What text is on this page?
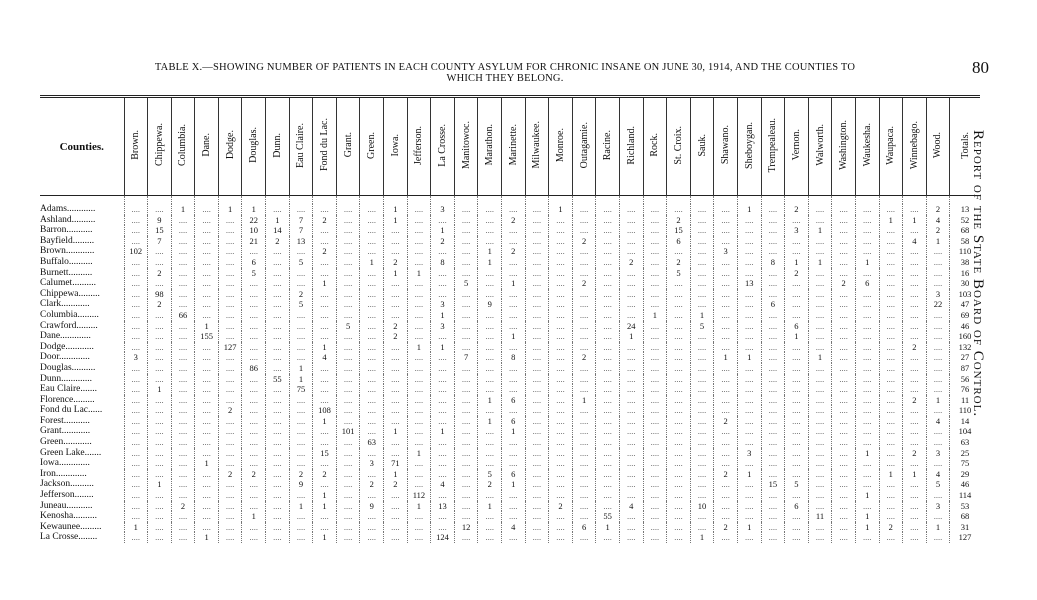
TABLE X.—SHOWING NUMBER OF PATIENTS IN EACH COUNTY ASYLUM FOR CHRONIC INSANE ON JUNE 30, 1914, AND THE COUNTIES TO
WHICH THEY BELONG.
80
Report of the State Board of Control.
Counties.	Brown.	Chippewa.	Columbia.	Dane.	Dodge.	Douglas.	Dunn.	Eau Claire.	Fond du Lac.	Grant.	Green.	Iowa.	Jefferson.	La Crosse.	Manitowoc.	Marathon.	Marinette.	Milwaukee.	Monroe.	Outagamie.	Racine.	Richland.	Rock.	St. Croix.	Sauk.	Shawano.	Sheboygan.	Trempealeau.	Vernon.	Walworth.	Washington.	Waukesha.	Waupaca.	Winnebago.	Wood.	Totals.

Adams............	....	....	1	....	1	1	....	....	....	....	....	1	....	3	....	....	....	....	1	....	....	....	....	....	....	....	1	....	2	....	....	....	....	....	2	13
Ashland..........	....	9	....	....	....	22	1	7	2	....	....	1	....	....	....	....	2	....	....	....	....	....	....	2	....	....	....	....	....	....	....	....	1	1	4	52
Barron...........	....	15	....	....	....	10	14	7	....	....	....	....	....	1	....	....	....	....	....	....	....	....	....	15	....	....	....	....	3	1	....	....	....	....	2	68
Bayfield.........	....	7	....	....	....	21	2	13	....	....	....	....	....	2	....	....	....	....	....	2	....	....	....	6	....	....	....	....	....	....	....	....	....	4	1	58
Brown............	102	....	....	....	....	....	....	....	2	....	....	....	....	....	....	1	2	....	....	....	....	....	....	....	....	3	....	....	....	....	....	....	....	....	....	110
Buffalo..........	....	....	....	....	....	6	....	5	....	....	1	2	....	8	....	1	....	....	....	....	....	2	....	2	....	....	....	8	1	1	....	1	....	....	....	38
Burnett..........	....	2	....	....	....	5	....	....	....	....	....	1	1	....	....	....	....	....	....	....	....	....	....	5	....	....	....	....	2	....	....	....	....	....	....	16
Calumet..........	....	....	....	....	....	....	....	....	1	....	....	....	....	....	5	....	1	....	....	2	....	....	....	....	....	....	13	....	....	....	2	6	....	....	....	30
Chippewa.........	....	98	....	....	....	....	....	2	....	....	....	....	....	....	....	....	....	....	....	....	....	....	....	....	....	....	....	....	....	....	....	....	....	....	3	103
Clark............	....	2	....	....	....	....	....	5	....	....	....	....	....	3	....	9	....	....	....	....	....	....	....	....	....	....	....	6	....	....	....	....	....	....	22	47
Columbia.........	....	....	66	....	....	....	....	....	....	....	....	....	....	1	....	....	....	....	....	....	....	....	1	....	1	....	....	....	....	....	....	....	....	....	....	69
Crawford.........	....	....	....	1	....	....	....	....	....	5	....	2	....	3	....	....	....	....	....	....	....	24	....	....	5	....	....	....	6	....	....	....	....	....	....	46
Dane.............	....	....	....	155	....	....	....	....	....	....	....	2	....	....	....	....	1	....	....	....	....	1	....	....	....	....	....	....	1	....	....	....	....	....	....	160
Dodge............	....	....	....	....	127	....	....	....	1	....	....	....	1	1	....	....	....	....	....	....	....	....	....	....	....	....	....	....	....	....	....	....	....	2	....	132
Door.............	3	....	....	....	....	....	....	....	4	....	....	....	....	....	7	....	8	....	....	2	....	....	....	....	....	1	1	....	....	1	....	....	....	....	....	27
Douglas..........	....	....	....	....	....	86	....	1	....	....	....	....	....	....	....	....	....	....	....	....	....	....	....	....	....	....	....	....	....	....	....	....	....	....	....	87
Dunn.............	....	....	....	....	....	....	55	1	....	....	....	....	....	....	....	....	....	....	....	....	....	....	....	....	....	....	....	....	....	....	....	....	....	....	....	56
Eau Claire.......	....	1	....	....	....	....	....	75	....	....	....	....	....	....	....	....	....	....	....	....	....	....	....	....	....	....	....	....	....	....	....	....	....	....	....	76
Florence.........	....	....	....	....	....	....	....	....	....	....	....	....	....	....	....	1	6	....	....	1	....	....	....	....	....	....	....	....	....	....	....	....	....	2	1	11
Fond du Lac......	....	....	....	....	2	....	....	....	108	....	....	....	....	....	....	....	....	....	....	....	....	....	....	....	....	....	....	....	....	....	....	....	....	....	....	110
Forest...........	....	....	....	....	....	....	....	....	1	....	....	....	....	....	....	1	6	....	....	....	....	....	....	....	....	2	....	....	....	....	....	....	....	....	4	14
Grant............	....	....	....	....	....	....	....	....	....	101	....	1	....	1	....	....	1	....	....	....	....	....	....	....	....	....	....	....	....	....	....	....	....	....	....	104
Green............	....	....	....	....	....	....	....	....	....	....	63	....	....	....	....	....	....	....	....	....	....	....	....	....	....	....	....	....	....	....	....	....	....	....	....	63
Green Lake.......	....	....	....	....	....	....	....	....	15	....	....	....	1	....	....	....	....	....	....	....	....	....	....	....	....	....	3	....	....	....	....	1	....	2	3	25
Iowa.............	....	....	....	1	....	....	....	....	....	....	3	71	....	....	....	....	....	....	....	....	....	....	....	....	....	....	....	....	....	....	....	....	....	....	....	75
Iron.............	....	....	....	....	2	2	....	2	2	....	....	1	....	....	....	5	6	....	....	....	....	....	....	....	....	2	1	....	....	....	....	....	1	1	4	29
Jackson..........	....	1	....	....	....	....	....	9	....	....	2	2	....	4	....	2	1	....	....	....	....	....	....	....	....	....	....	15	5	....	....	....	....	....	5	46
Jefferson........	....	....	....	....	....	....	....	....	1	....	....	....	112	....	....	....	....	....	....	....	....	....	....	....	....	....	....	....	....	....	....	1	....	....	....	114
Juneau...........	....	....	2	....	....	....	....	1	1	....	9	....	1	13	....	1	....	....	2	....	....	4	....	....	10	....	....	....	6	....	....	....	....	....	3	53
Kenosha..........	....	....	....	....	....	1	....	....	....	....	....	....	....	....	....	....	....	....	....	....	55	....	....	....	....	....	....	....	....	11	....	1	....	....	....	68
Kewaunee.........	1	....	....	....	....	....	....	....	....	....	....	....	....	....	12	....	4	....	....	6	1	....	....	....	....	2	1	....	....	....	....	1	2	....	1	31
La Crosse........	....	....	....	1	....	....	....	....	1	....	....	....	....	124	....	....	....	....	....	....	....	....	....	....	1	....	....	....	....	....	....	....	....	....	....	127
